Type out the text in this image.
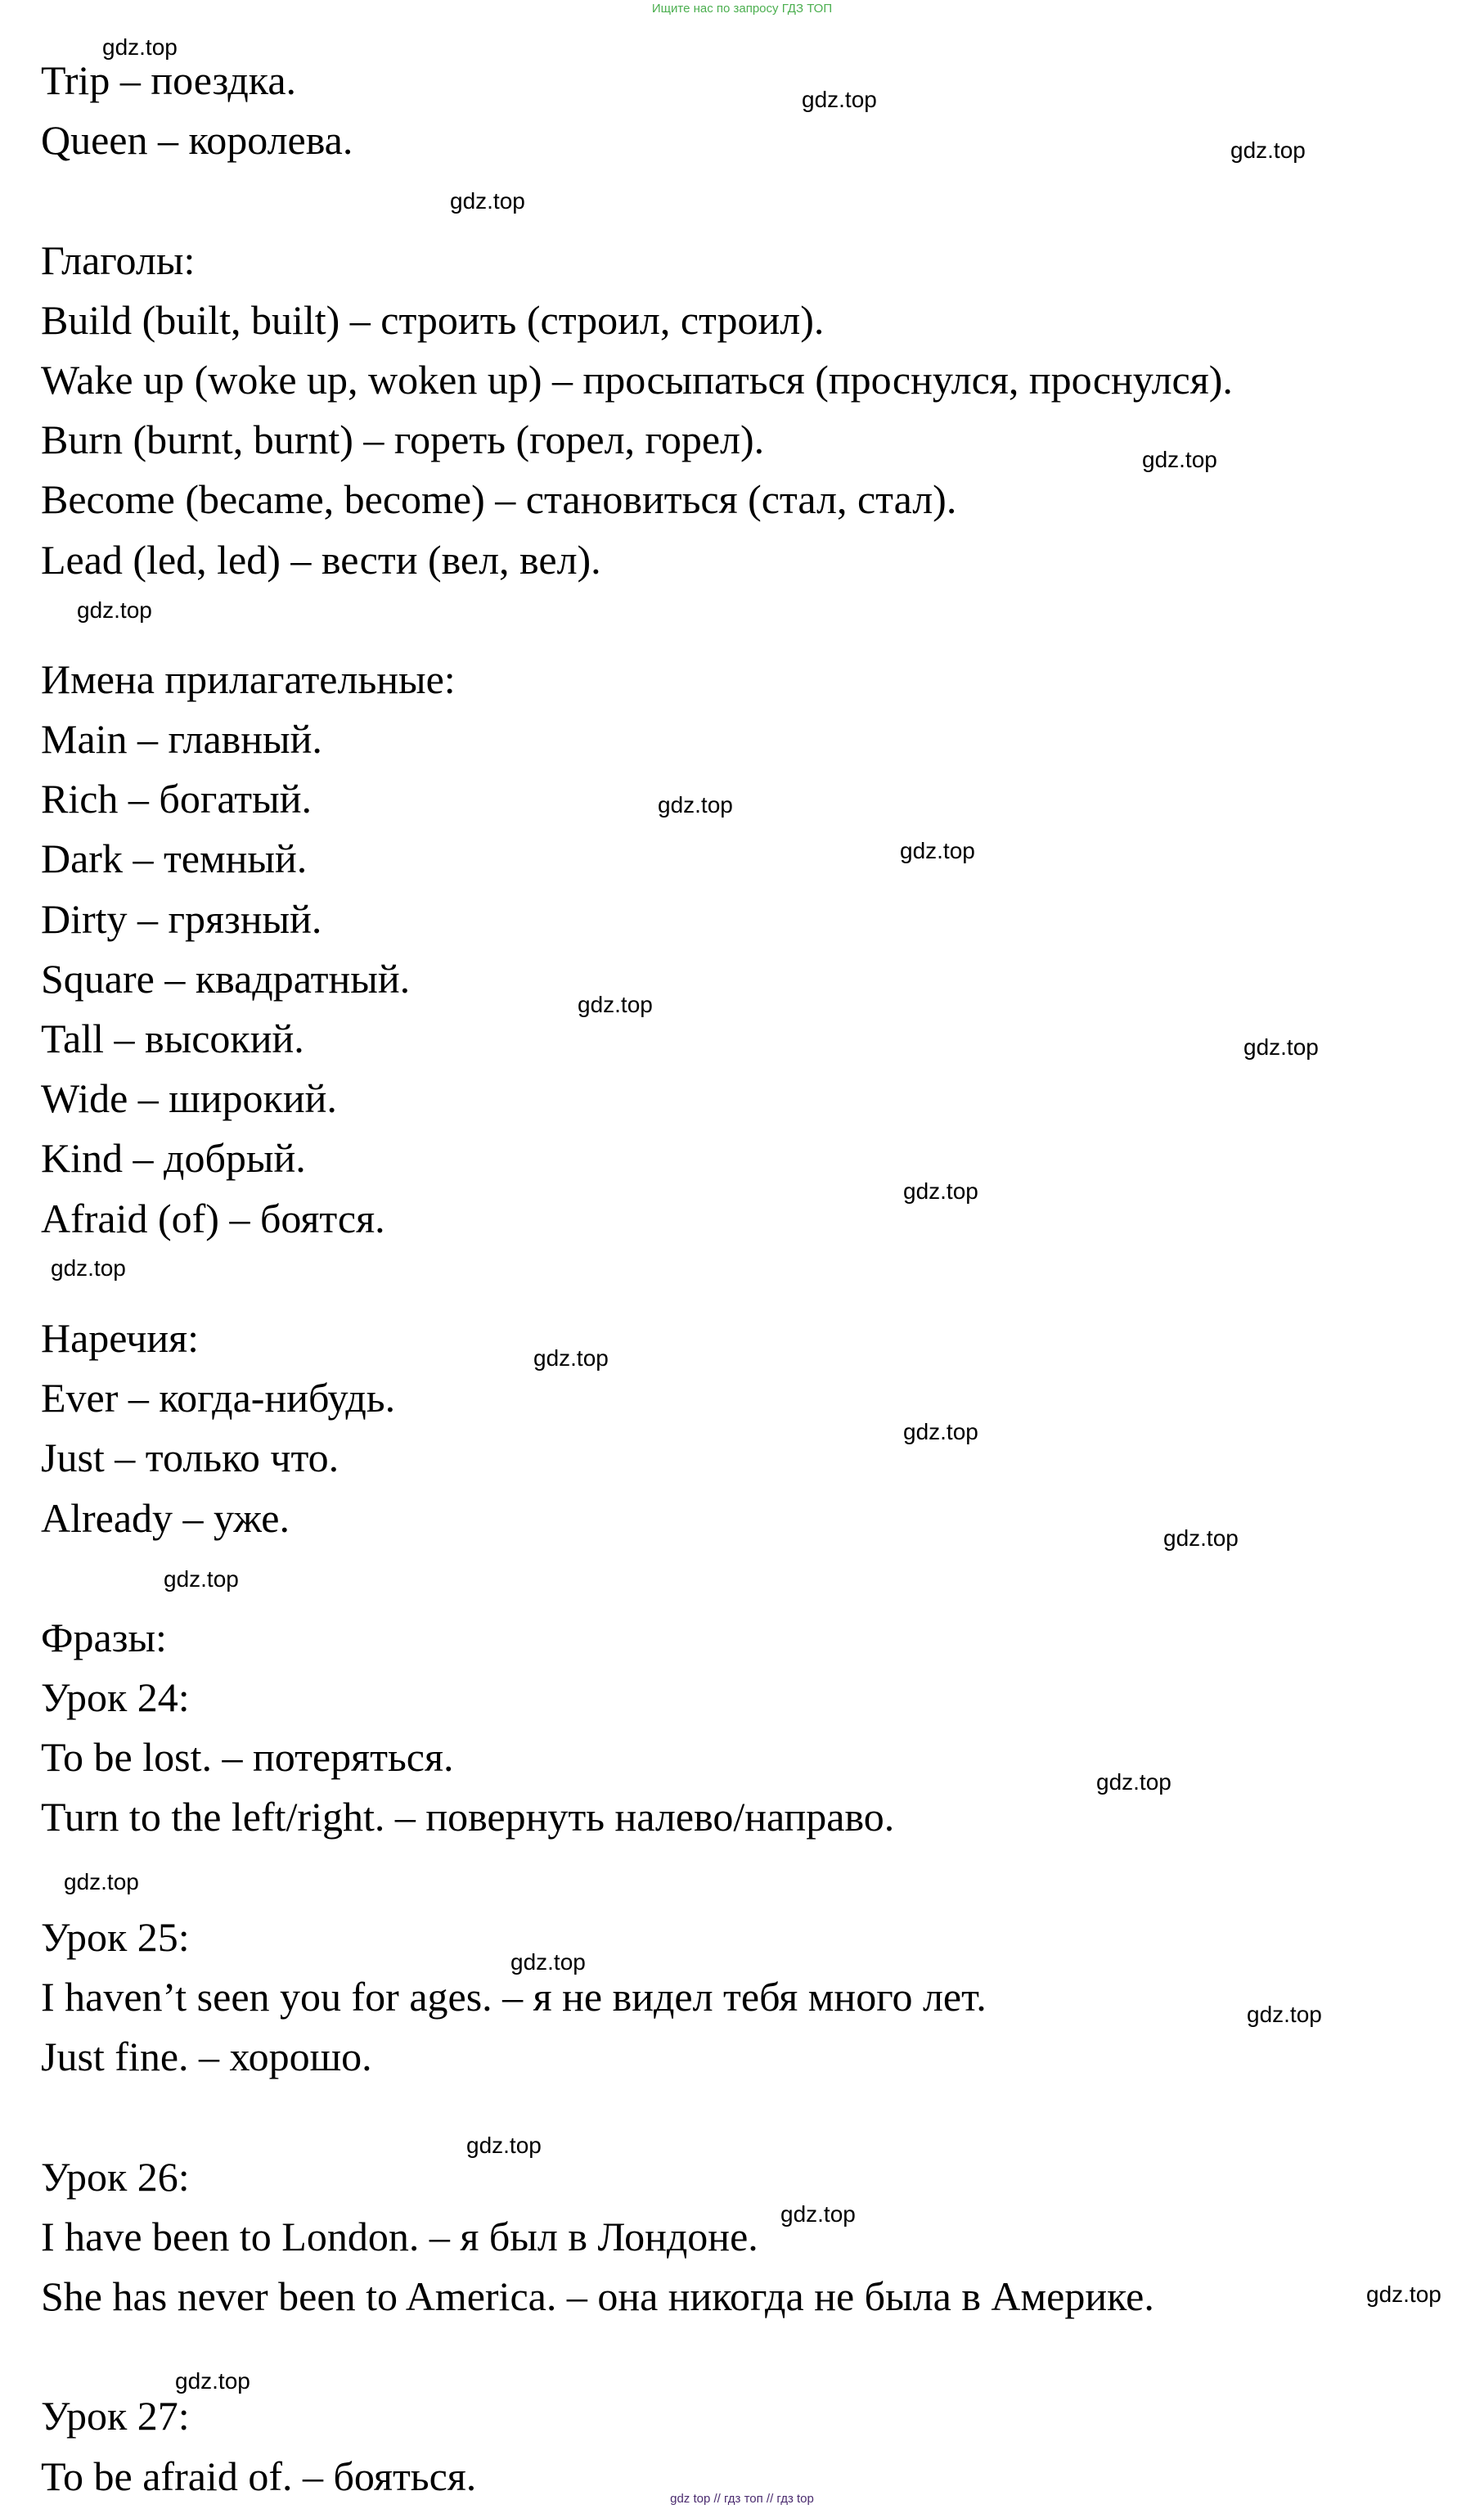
Ищите нас по запросу ГДЗ ТОП
Trip – поездка.
Queen – королева.
Глаголы:
Build (built, built) – строить (строил, строил).
Wake up (woke up, woken up) – просыпаться (проснулся, проснулся).
Burn (burnt, burnt) – гореть (горел, горел).
Become (became, become) – становиться (стал, стал).
Lead (led, led) – вести (вел, вел).
Имена прилагательные:
Main – главный.
Rich – богатый.
Dark – темный.
Dirty – грязный.
Square – квадратный.
Tall – высокий.
Wide – широкий.
Kind – добрый.
Afraid (of) – боятся.
Наречия:
Ever – когда-нибудь.
Just – только что.
Already – уже.
Фразы:
Урок 24:
To be lost. – потеряться.
Turn to the left/right. – повернуть налево/направо.
Урок 25:
I haven’t seen you for ages. – я не видел тебя много лет.
Just fine. – хорошо.
Урок 26:
I have been to London. – я был в Лондоне.
She has never been to America. – она никогда не была в Америке.
Урок 27:
To be afraid of. – бояться.
gdz.top
gdz.top
gdz.top
gdz.top
gdz.top
gdz.top
gdz.top
gdz.top
gdz.top
gdz.top
gdz.top
gdz.top
gdz.top
gdz.top
gdz.top
gdz.top
gdz.top
gdz.top
gdz.top
gdz.top
gdz.top
gdz.top
gdz.top
gdz.top
gdz top // гдз топ // гдз top
